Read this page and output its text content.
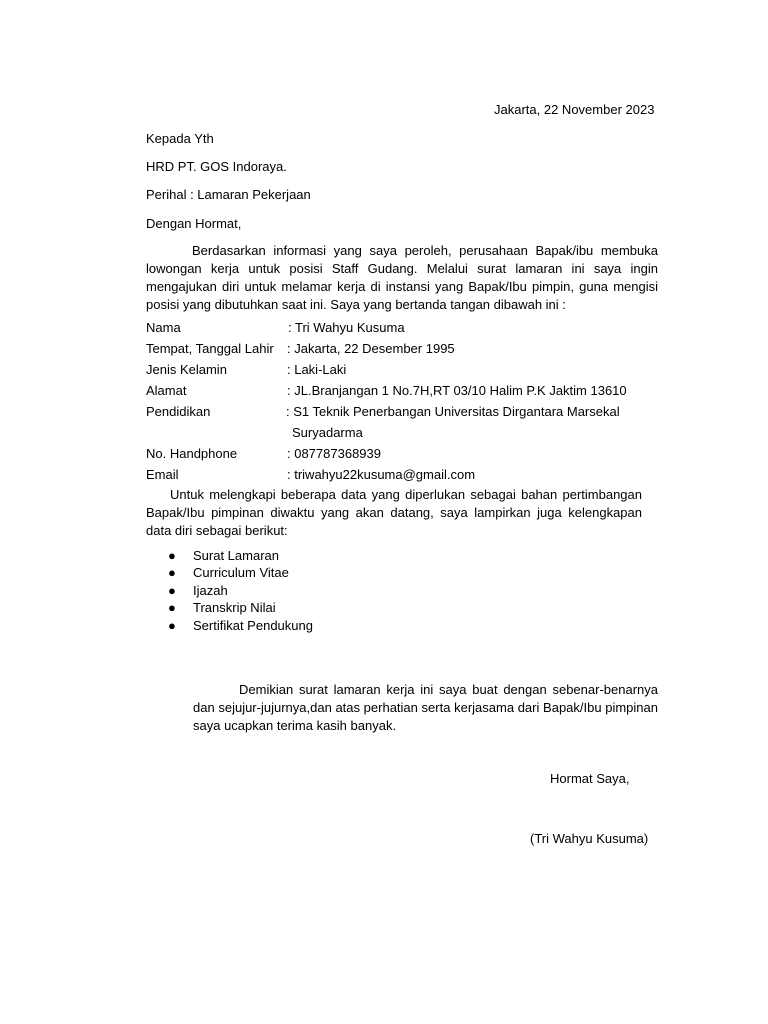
Jakarta, 22 November 2023
Kepada Yth
HRD PT. GOS Indoraya.
Perihal : Lamaran Pekerjaan
Dengan Hormat,
Berdasarkan informasi yang saya peroleh, perusahaan Bapak/ibu membuka lowongan kerja untuk posisi Staff Gudang. Melalui surat lamaran ini saya ingin mengajukan diri untuk melamar kerja di instansi yang Bapak/Ibu pimpin, guna mengisi posisi yang dibutuhkan saat ini. Saya yang bertanda tangan dibawah ini :
Nama	: Tri Wahyu Kusuma
Tempat, Tanggal Lahir : Jakarta, 22 Desember 1995
Jenis Kelamin	: Laki-Laki
Alamat	: JL.Branjangan 1 No.7H,RT 03/10 Halim P.K Jaktim 13610
Pendidikan	: S1 Teknik Penerbangan Universitas Dirgantara Marsekal
Suryadarma
No. Handphone	: 087787368939
Email	: triwahyu22kusuma@gmail.com
Untuk melengkapi beberapa data yang diperlukan sebagai bahan pertimbangan Bapak/Ibu pimpinan diwaktu yang akan datang, saya lampirkan juga kelengkapan data diri sebagai berikut:
● Surat Lamaran
● Curriculum Vitae
● Ijazah
● Transkrip Nilai
● Sertifikat Pendukung
Demikian surat lamaran kerja ini saya buat dengan sebenar-benarnya dan sejujur-jujurnya,dan atas perhatian serta kerjasama dari Bapak/Ibu pimpinan saya ucapkan terima kasih banyak.
Hormat Saya,
(Tri Wahyu Kusuma)
